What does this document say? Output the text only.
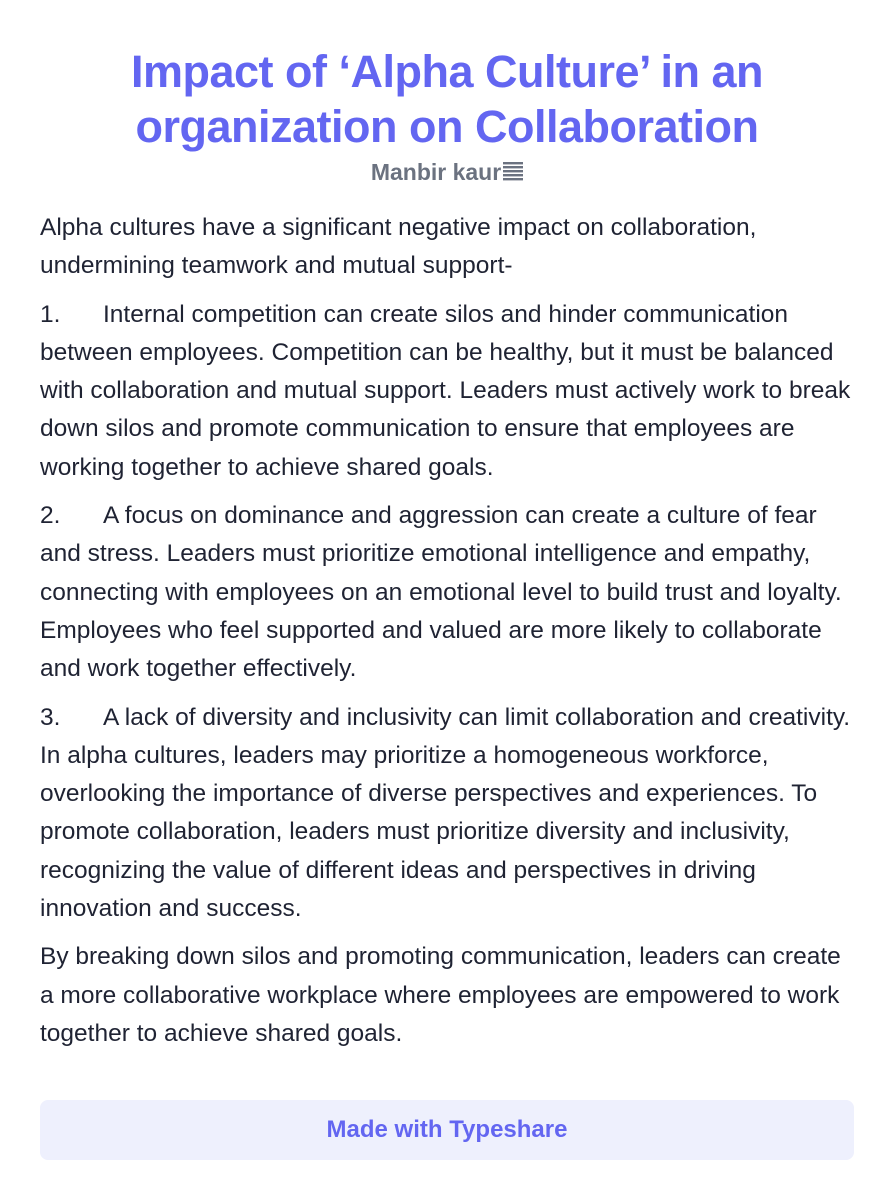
Impact of ‘Alpha Culture’ in an
organization on Collaboration
Manbir kaur

Alpha cultures have a significant negative impact on collaboration, undermining teamwork and mutual support-

1. Internal competition can create silos and hinder communication between employees. Competition can be healthy, but it must be balanced with collaboration and mutual support. Leaders must actively work to break down silos and promote communication to ensure that employees are working together to achieve shared goals.

2. A focus on dominance and aggression can create a culture of fear and stress. Leaders must prioritize emotional intelligence and empathy, connecting with employees on an emotional level to build trust and loyalty. Employees who feel supported and valued are more likely to collaborate and work together effectively.

3. A lack of diversity and inclusivity can limit collaboration and creativity. In alpha cultures, leaders may prioritize a homogeneous workforce, overlooking the importance of diverse perspectives and experiences. To promote collaboration, leaders must prioritize diversity and inclusivity, recognizing the value of different ideas and perspectives in driving innovation and success.

By breaking down silos and promoting communication, leaders can create a more collaborative workplace where employees are empowered to work together to achieve shared goals.

Made with Typeshare
